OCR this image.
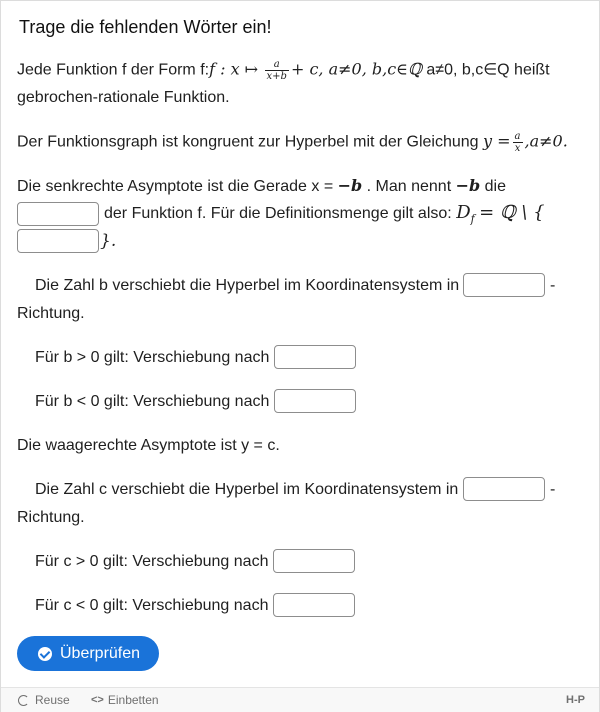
Trage die fehlenden Wörter ein!
Jede Funktion f der Form f:f : x ↦ $\frac{a}{x+b} + c$, a≠0, b,c∈ℚ a≠0, b,c∈Q heißt
gebrochen-rationale Funktion.
Der Funktionsgraph ist kongruent zur Hyperbel mit der Gleichung $y = \frac{a}{x} ,a\ne 0$.
Die senkrechte Asymptote ist die Gerade x = −b . Man nennt −b die
der Funktion f. Für die Definitionsmenge gilt also: $D_f$ = ℚ \ {
}.
Die Zahl b verschiebt die Hyperbel im Koordinatensystem in	-
Richtung.
Für b > 0 gilt: Verschiebung nach
Für b < 0 gilt: Verschiebung nach
Die waagerechte Asymptote ist y = c.
Die Zahl c verschiebt die Hyperbel im Koordinatensystem in	-
Richtung.
Für c > 0 gilt: Verschiebung nach
Für c < 0 gilt: Verschiebung nach
Überprüfen
Reuse <> Einbetten	H-P
